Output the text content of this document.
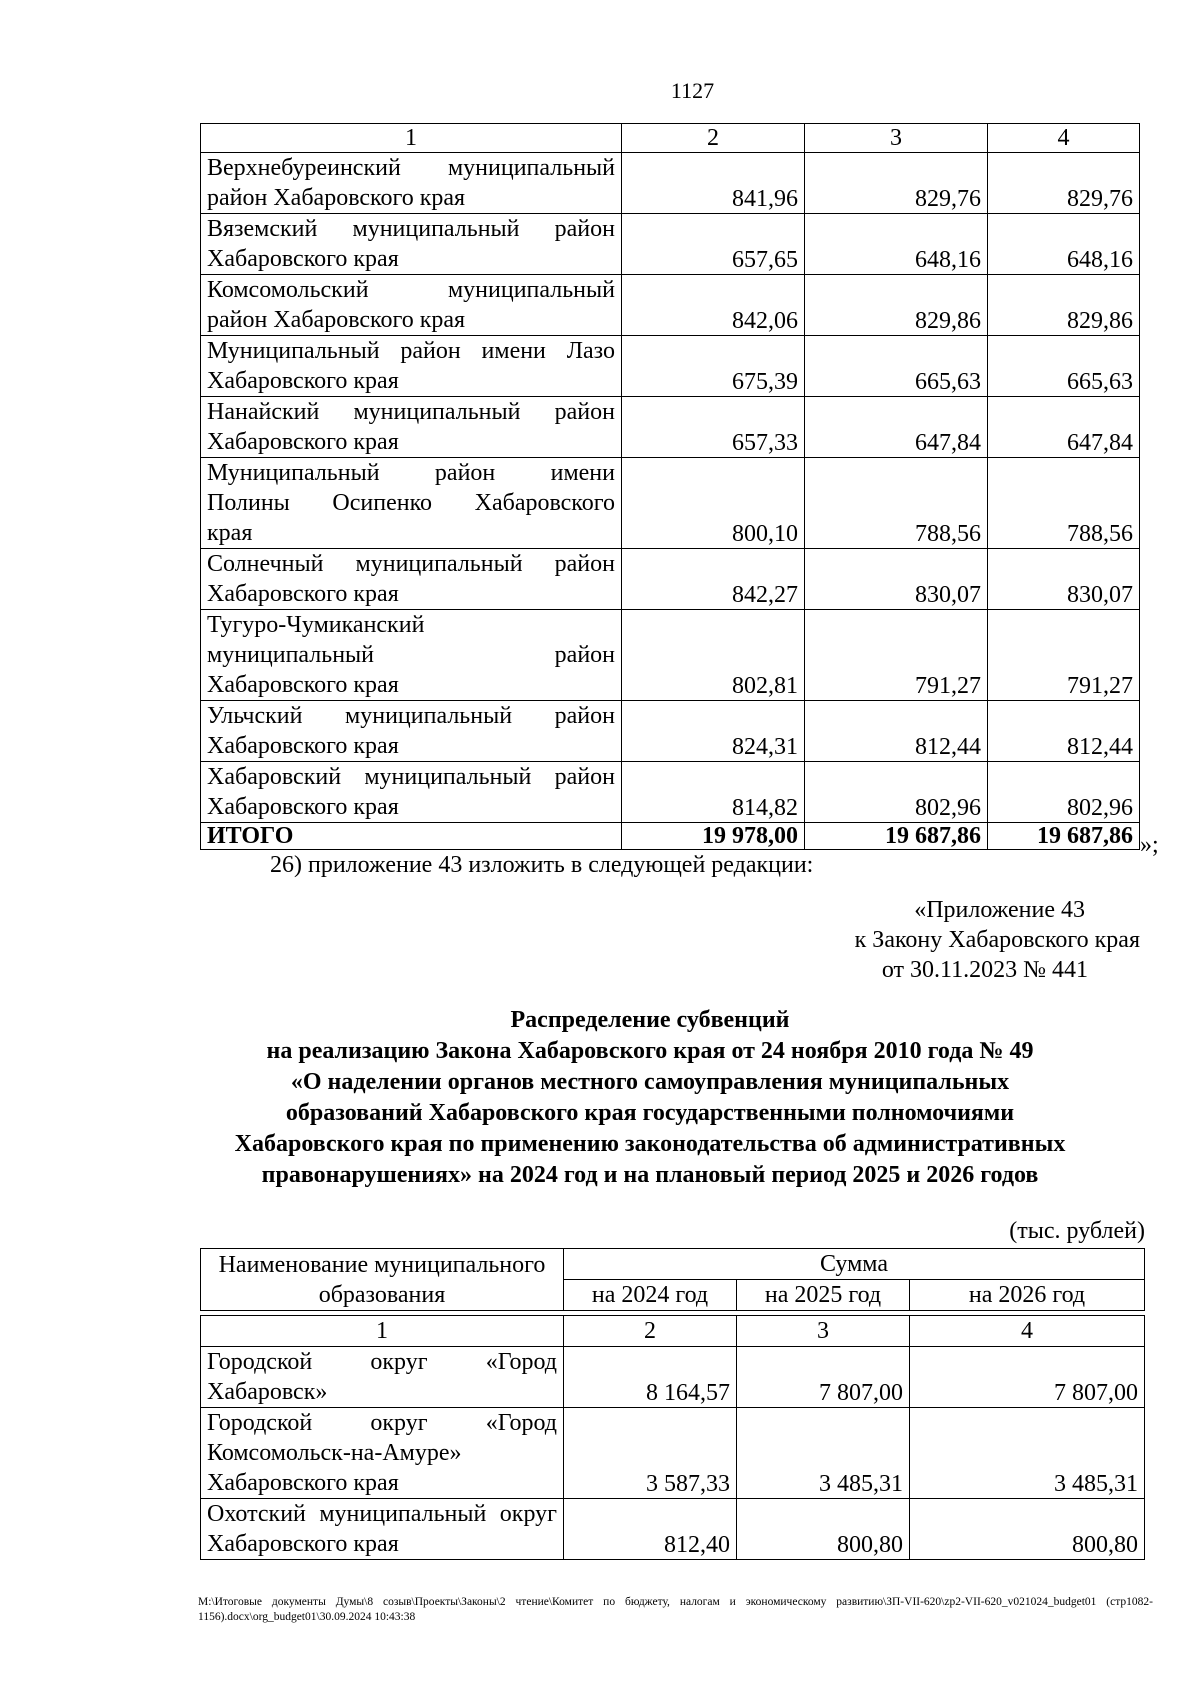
1127
1	2	3	4

Верхнебуреинский муниципальный
район Хабаровского края	841,96	829,76	829,76

Вяземский муниципальный район
Хабаровского края	657,65	648,16	648,16

Комсомольский муниципальный
район Хабаровского края	842,06	829,86	829,86

Муниципальный район имени Лазо
Хабаровского края	675,39	665,63	665,63

Нанайский муниципальный район
Хабаровского края	657,33	647,84	647,84

Муниципальный район имени
Полины Осипенко Хабаровского
края	800,10	788,56	788,56

Солнечный муниципальный район
Хабаровского края	842,27	830,07	830,07

Тугуро-Чумиканский
муниципальный район
Хабаровского края	802,81	791,27	791,27

Ульчский муниципальный район
Хабаровского края	824,31	812,44	812,44

Хабаровский муниципальный район
Хабаровского края	814,82	802,96	802,96
ИТОГО	19 978,00	19 687,86	19 687,86 »;
26) приложение 43 изложить в следующей редакции:
«Приложение 43
к Закону Хабаровского края
от 30.11.2023 № 441
Распределение субвенций
на реализацию Закона Хабаровского края от 24 ноября 2010 года № 49
«О наделении органов местного самоуправления муниципальных
образований Хабаровского края государственными полномочиями
Хабаровского края по применению законодательства об административных
правонарушениях» на 2024 год и на плановый период 2025 и 2026 годов
(тыс. рублей)
Наименование муниципального образования	Сумма		
	на 2024 год	на 2025 год	на 2026 год

1	2	3	4

Городской округ «Город
Хабаровск»	8 164,57	7 807,00	7 807,00

Городской округ «Город
Комсомольск-на-Амуре»
Хабаровского края	3 587,33	3 485,31	3 485,31

Охотский муниципальный округ
Хабаровского края	812,40	800,80	800,80
M:\Итоговые документы Думы\8 созыв\Проекты\Законы\2 чтение\Комитет по бюджету, налогам и экономическому развитию\ЗП-VII-620\zp2-VII-620_v021024_budget01 (стр1082-1156).docx\org_budget01\30.09.2024 10:43:38
